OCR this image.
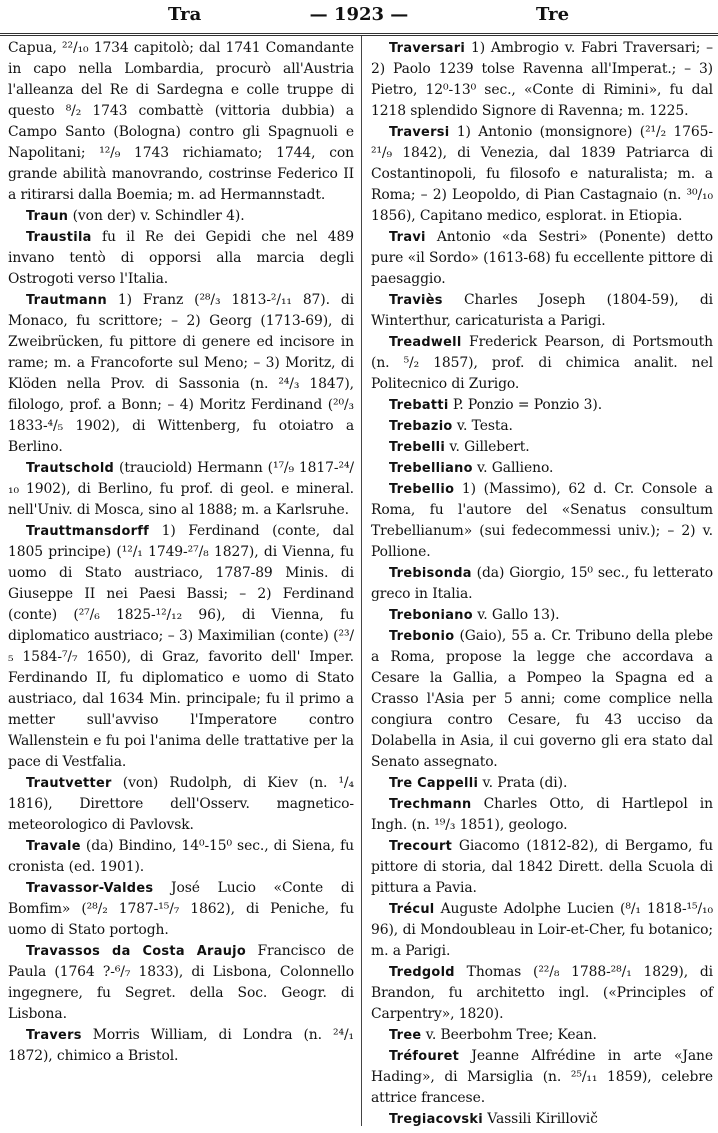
Tra	— 1923 —	Tre

Capua, ²²/₁₀ 1734 capitolò; dal 1741 Comandante in capo nella Lombardia, procurò all'Austria l'alleanza del Re di Sardegna e colle truppe di questo ⁸/₂ 1743 combattè (vittoria dubbia) a Campo Santo (Bologna) contro gli Spagnuoli e Napolitani; ¹²/₉ 1743 richiamato; 1744, con grande abilità manovrando, costrinse Federico II a ritirarsi dalla Boemia; m. ad Hermannstadt.

Traun (von der) v. Schindler 4).

Traustila fu il Re dei Gepidi che nel 489 invano tentò di opporsi alla marcia degli Ostrogoti verso l'Italia.

Trautmann 1) Franz (²⁸/₃ 1813-²/₁₁ 87). di Monaco, fu scrittore; – 2) Georg (1713-69), di Zweibrücken, fu pittore di genere ed incisore in rame; m. a Francoforte sul Meno; – 3) Moritz, di Klöden nella Prov. di Sassonia (n. ²⁴/₃ 1847), filologo, prof. a Bonn; – 4) Moritz Ferdinand (²⁰/₃ 1833-⁴/₅ 1902), di Wittenberg, fu otoiatro a Berlino.

Trautschold (trauciold) Hermann (¹⁷/₉ 1817-²⁴/₁₀ 1902), di Berlino, fu prof. di geol. e mineral. nell'Univ. di Mosca, sino al 1888; m. a Karlsruhe.

Trauttmansdorff 1) Ferdinand (conte, dal 1805 principe) (¹²/₁ 1749-²⁷/₈ 1827), di Vienna, fu uomo di Stato austriaco, 1787-89 Minis. di Giuseppe II nei Paesi Bassi; – 2) Ferdinand (conte) (²⁷/₆ 1825-¹²/₁₂ 96), di Vienna, fu diplomatico austriaco; – 3) Maximilian (conte) (²³/₅ 1584-⁷/₇ 1650), di Graz, favorito dell' Imper. Ferdinando II, fu diplomatico e uomo di Stato austriaco, dal 1634 Min. principale; fu il primo a metter sull'avviso l'Imperatore contro Wallenstein e fu poi l'anima delle trattative per la pace di Vestfalia.

Trautvetter (von) Rudolph, di Kiev (n. ¹/₄ 1816), Direttore dell'Osserv. magnetico-meteorologico di Pavlovsk.

Travale (da) Bindino, 14⁰-15⁰ sec., di Siena, fu cronista (ed. 1901).

Travassor-Valdes José Lucio «Conte di Bomfim» (²⁸/₂ 1787-¹⁵/₇ 1862), di Peniche, fu uomo di Stato portogh.

Travassos da Costa Araujo Francisco de Paula (1764 ?-⁶/₇ 1833), di Lisbona, Colonnello ingegnere, fu Segret. della Soc. Geogr. di Lisbona.

Travers Morris William, di Londra (n. ²⁴/₁ 1872), chimico a Bristol.

Traversari 1) Ambrogio v. Fabri Traversari; – 2) Paolo 1239 tolse Ravenna all'Imperat.; – 3) Pietro, 12⁰-13⁰ sec., «Conte di Rimini», fu dal 1218 splendido Signore di Ravenna; m. 1225.

Traversi 1) Antonio (monsignore) (²¹/₂ 1765-²¹/₉ 1842), di Venezia, dal 1839 Patriarca di Costantinopoli, fu filosofo e naturalista; m. a Roma; – 2) Leopoldo, di Pian Castagnaio (n. ³⁰/₁₀ 1856), Capitano medico, esplorat. in Etiopia.

Travi Antonio «da Sestri» (Ponente) detto pure «il Sordo» (1613-68) fu eccellente pittore di paesaggio.

Traviès Charles Joseph (1804-59), di Winterthur, caricaturista a Parigi.

Treadwell Frederick Pearson, di Portsmouth (n. ⁵/₂ 1857), prof. di chimica analit. nel Politecnico di Zurigo.

Trebatti P. Ponzio = Ponzio 3).

Trebazio v. Testa.

Trebelli v. Gillebert.

Trebelliano v. Gallieno.

Trebellio 1) (Massimo), 62 d. Cr. Console a Roma, fu l'autore del «Senatus consultum Trebellianum» (sui fedecommessi univ.); – 2) v. Pollione.

Trebisonda (da) Giorgio, 15⁰ sec., fu letterato greco in Italia.

Treboniano v. Gallo 13).

Trebonio (Gaio), 55 a. Cr. Tribuno della plebe a Roma, propose la legge che accordava a Cesare la Gallia, a Pompeo la Spagna ed a Crasso l'Asia per 5 anni; come complice nella congiura contro Cesare, fu 43 ucciso da Dolabella in Asia, il cui governo gli era stato dal Senato assegnato.

Tre Cappelli v. Prata (di).

Trechmann Charles Otto, di Hartlepol in Ingh. (n. ¹⁹/₃ 1851), geologo.

Trecourt Giacomo (1812-82), di Bergamo, fu pittore di storia, dal 1842 Dirett. della Scuola di pittura a Pavia.

Trécul Auguste Adolphe Lucien (⁸/₁ 1818-¹⁵/₁₀ 96), di Mondoubleau in Loir-et-Cher, fu botanico; m. a Parigi.

Tredgold Thomas (²²/₈ 1788-²⁸/₁ 1829), di Brandon, fu architetto ingl. («Principles of Carpentry», 1820).

Tree v. Beerbohm Tree; Kean.

Tréfouret Jeanne Alfrédine in arte «Jane Hading», di Marsiglia (n. ²⁵/₁₁ 1859), celebre attrice francese.

Tregiacovski Vassili Kirillovič
